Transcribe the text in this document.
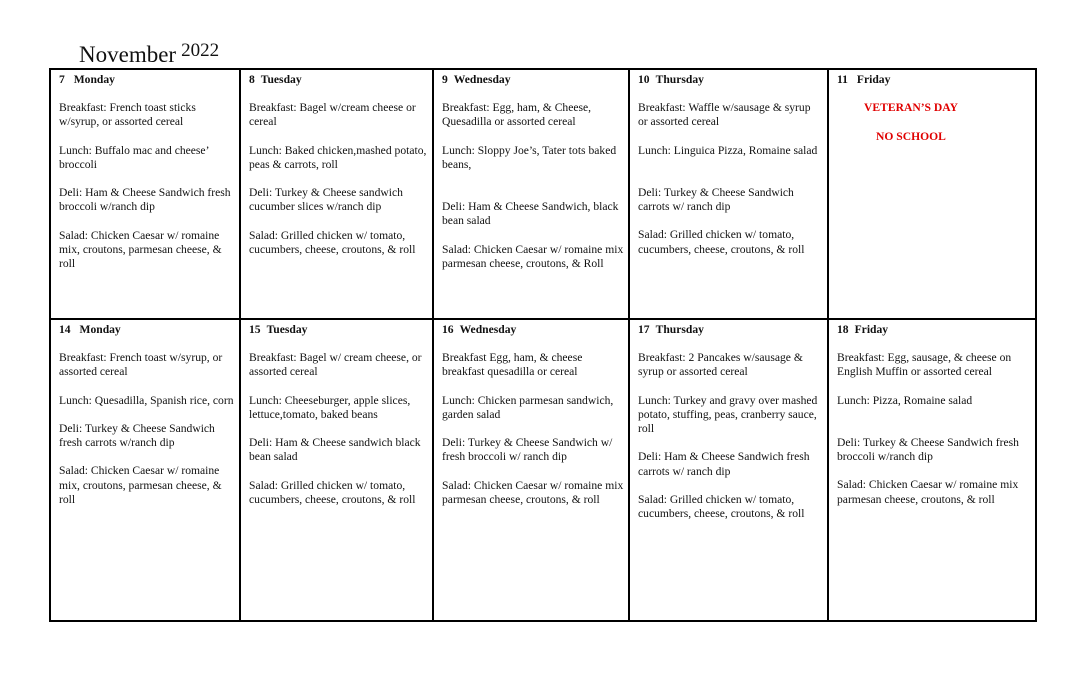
November 2022
7 Monday
Breakfast: French toast sticks w/syrup, or assorted cereal
Lunch: Buffalo mac and cheese’ broccoli
Deli: Ham & Cheese Sandwich fresh broccoli w/ranch dip
Salad: Chicken Caesar w/ romaine mix, croutons, parmesan cheese, & roll
8 Tuesday
Breakfast: Bagel w/cream cheese or cereal
Lunch: Baked chicken,mashed potato, peas & carrots, roll
Deli: Turkey & Cheese sandwich cucumber slices w/ranch dip
Salad: Grilled chicken w/ tomato, cucumbers, cheese, croutons, & roll
9 Wednesday
Breakfast: Egg, ham, & Cheese, Quesadilla or assorted cereal
Lunch: Sloppy Joe’s, Tater tots baked beans,
Deli: Ham & Cheese Sandwich, black bean salad
Salad: Chicken Caesar w/ romaine mix parmesan cheese, croutons, & Roll
10 Thursday
Breakfast: Waffle w/sausage & syrup or assorted cereal
Lunch: Linguica Pizza, Romaine salad
Deli: Turkey & Cheese Sandwich carrots w/ ranch dip
Salad: Grilled chicken w/ tomato, cucumbers, cheese, croutons, & roll
11 Friday
VETERAN’S DAY
NO SCHOOL
14 Monday
Breakfast: French toast w/syrup, or assorted cereal
Lunch: Quesadilla, Spanish rice, corn
Deli: Turkey & Cheese Sandwich fresh carrots w/ranch dip
Salad: Chicken Caesar w/ romaine mix, croutons, parmesan cheese, & roll
15 Tuesday
Breakfast: Bagel w/ cream cheese, or assorted cereal
Lunch: Cheeseburger, apple slices, lettuce,tomato, baked beans
Deli: Ham & Cheese sandwich black bean salad
Salad: Grilled chicken w/ tomato, cucumbers, cheese, croutons, & roll
16 Wednesday
Breakfast Egg, ham, & cheese breakfast quesadilla or cereal
Lunch: Chicken parmesan sandwich, garden salad
Deli: Turkey & Cheese Sandwich w/ fresh broccoli w/ ranch dip
Salad: Chicken Caesar w/ romaine mix parmesan cheese, croutons, & roll
17 Thursday
Breakfast: 2 Pancakes w/sausage & syrup or assorted cereal
Lunch: Turkey and gravy over mashed potato, stuffing, peas, cranberry sauce, roll
Deli: Ham & Cheese Sandwich fresh carrots w/ ranch dip
Salad: Grilled chicken w/ tomato, cucumbers, cheese, croutons, & roll
18 Friday
Breakfast: Egg, sausage, & cheese on English Muffin or assorted cereal
Lunch: Pizza, Romaine salad
Deli: Turkey & Cheese Sandwich fresh broccoli w/ranch dip
Salad: Chicken Caesar w/ romaine mix parmesan cheese, croutons, & roll
